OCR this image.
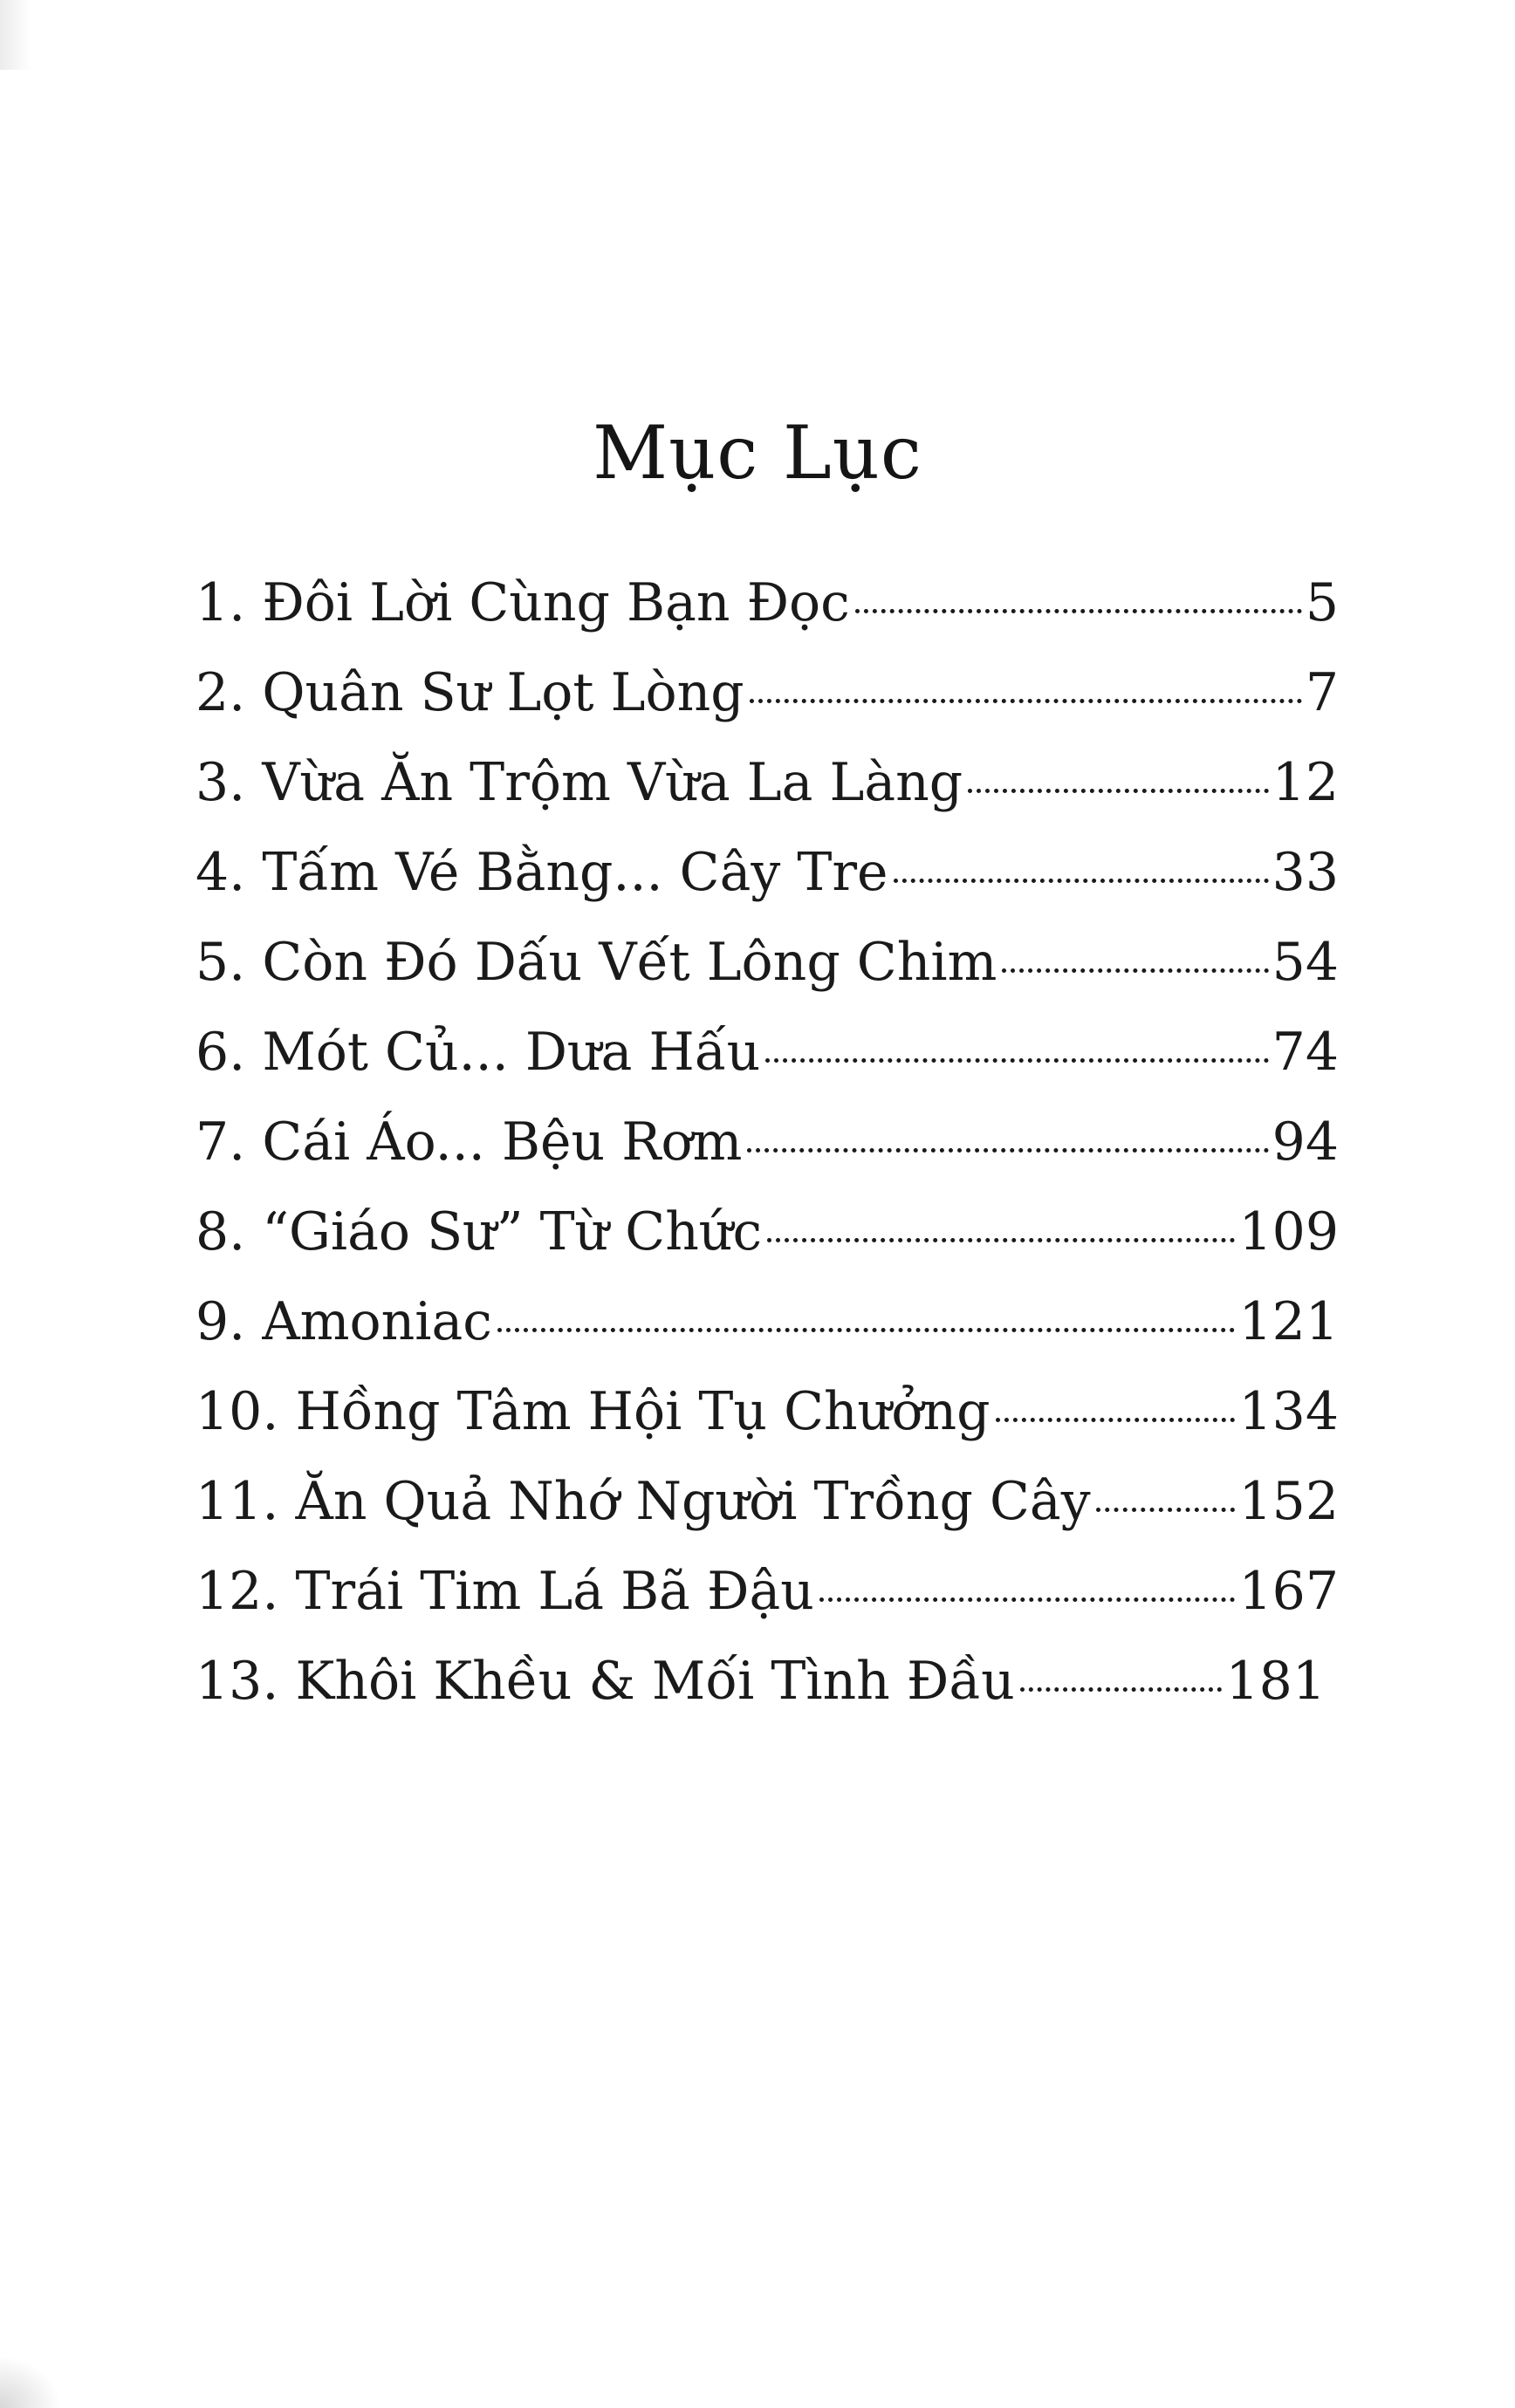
Mục Lục
1. Đôi Lời Cùng Bạn Đọc	5
2. Quân Sư Lọt Lòng	7
3. Vừa Ăn Trộm Vừa La Làng	12
4. Tấm Vé Bằng... Cây Tre	33
5. Còn Đó Dấu Vết Lông Chim	54
6. Mót Củ... Dưa Hấu	74
7. Cái Áo... Bệu Rơm	94
8. “Giáo Sư” Từ Chức	109
9. Amoniac	121
10. Hồng Tâm Hội Tụ Chưởng	134
11. Ăn Quả Nhớ Người Trồng Cây	152
12. Trái Tim Lá Bã Đậu	167
13. Khôi Khều & Mối Tình Đầu	181
